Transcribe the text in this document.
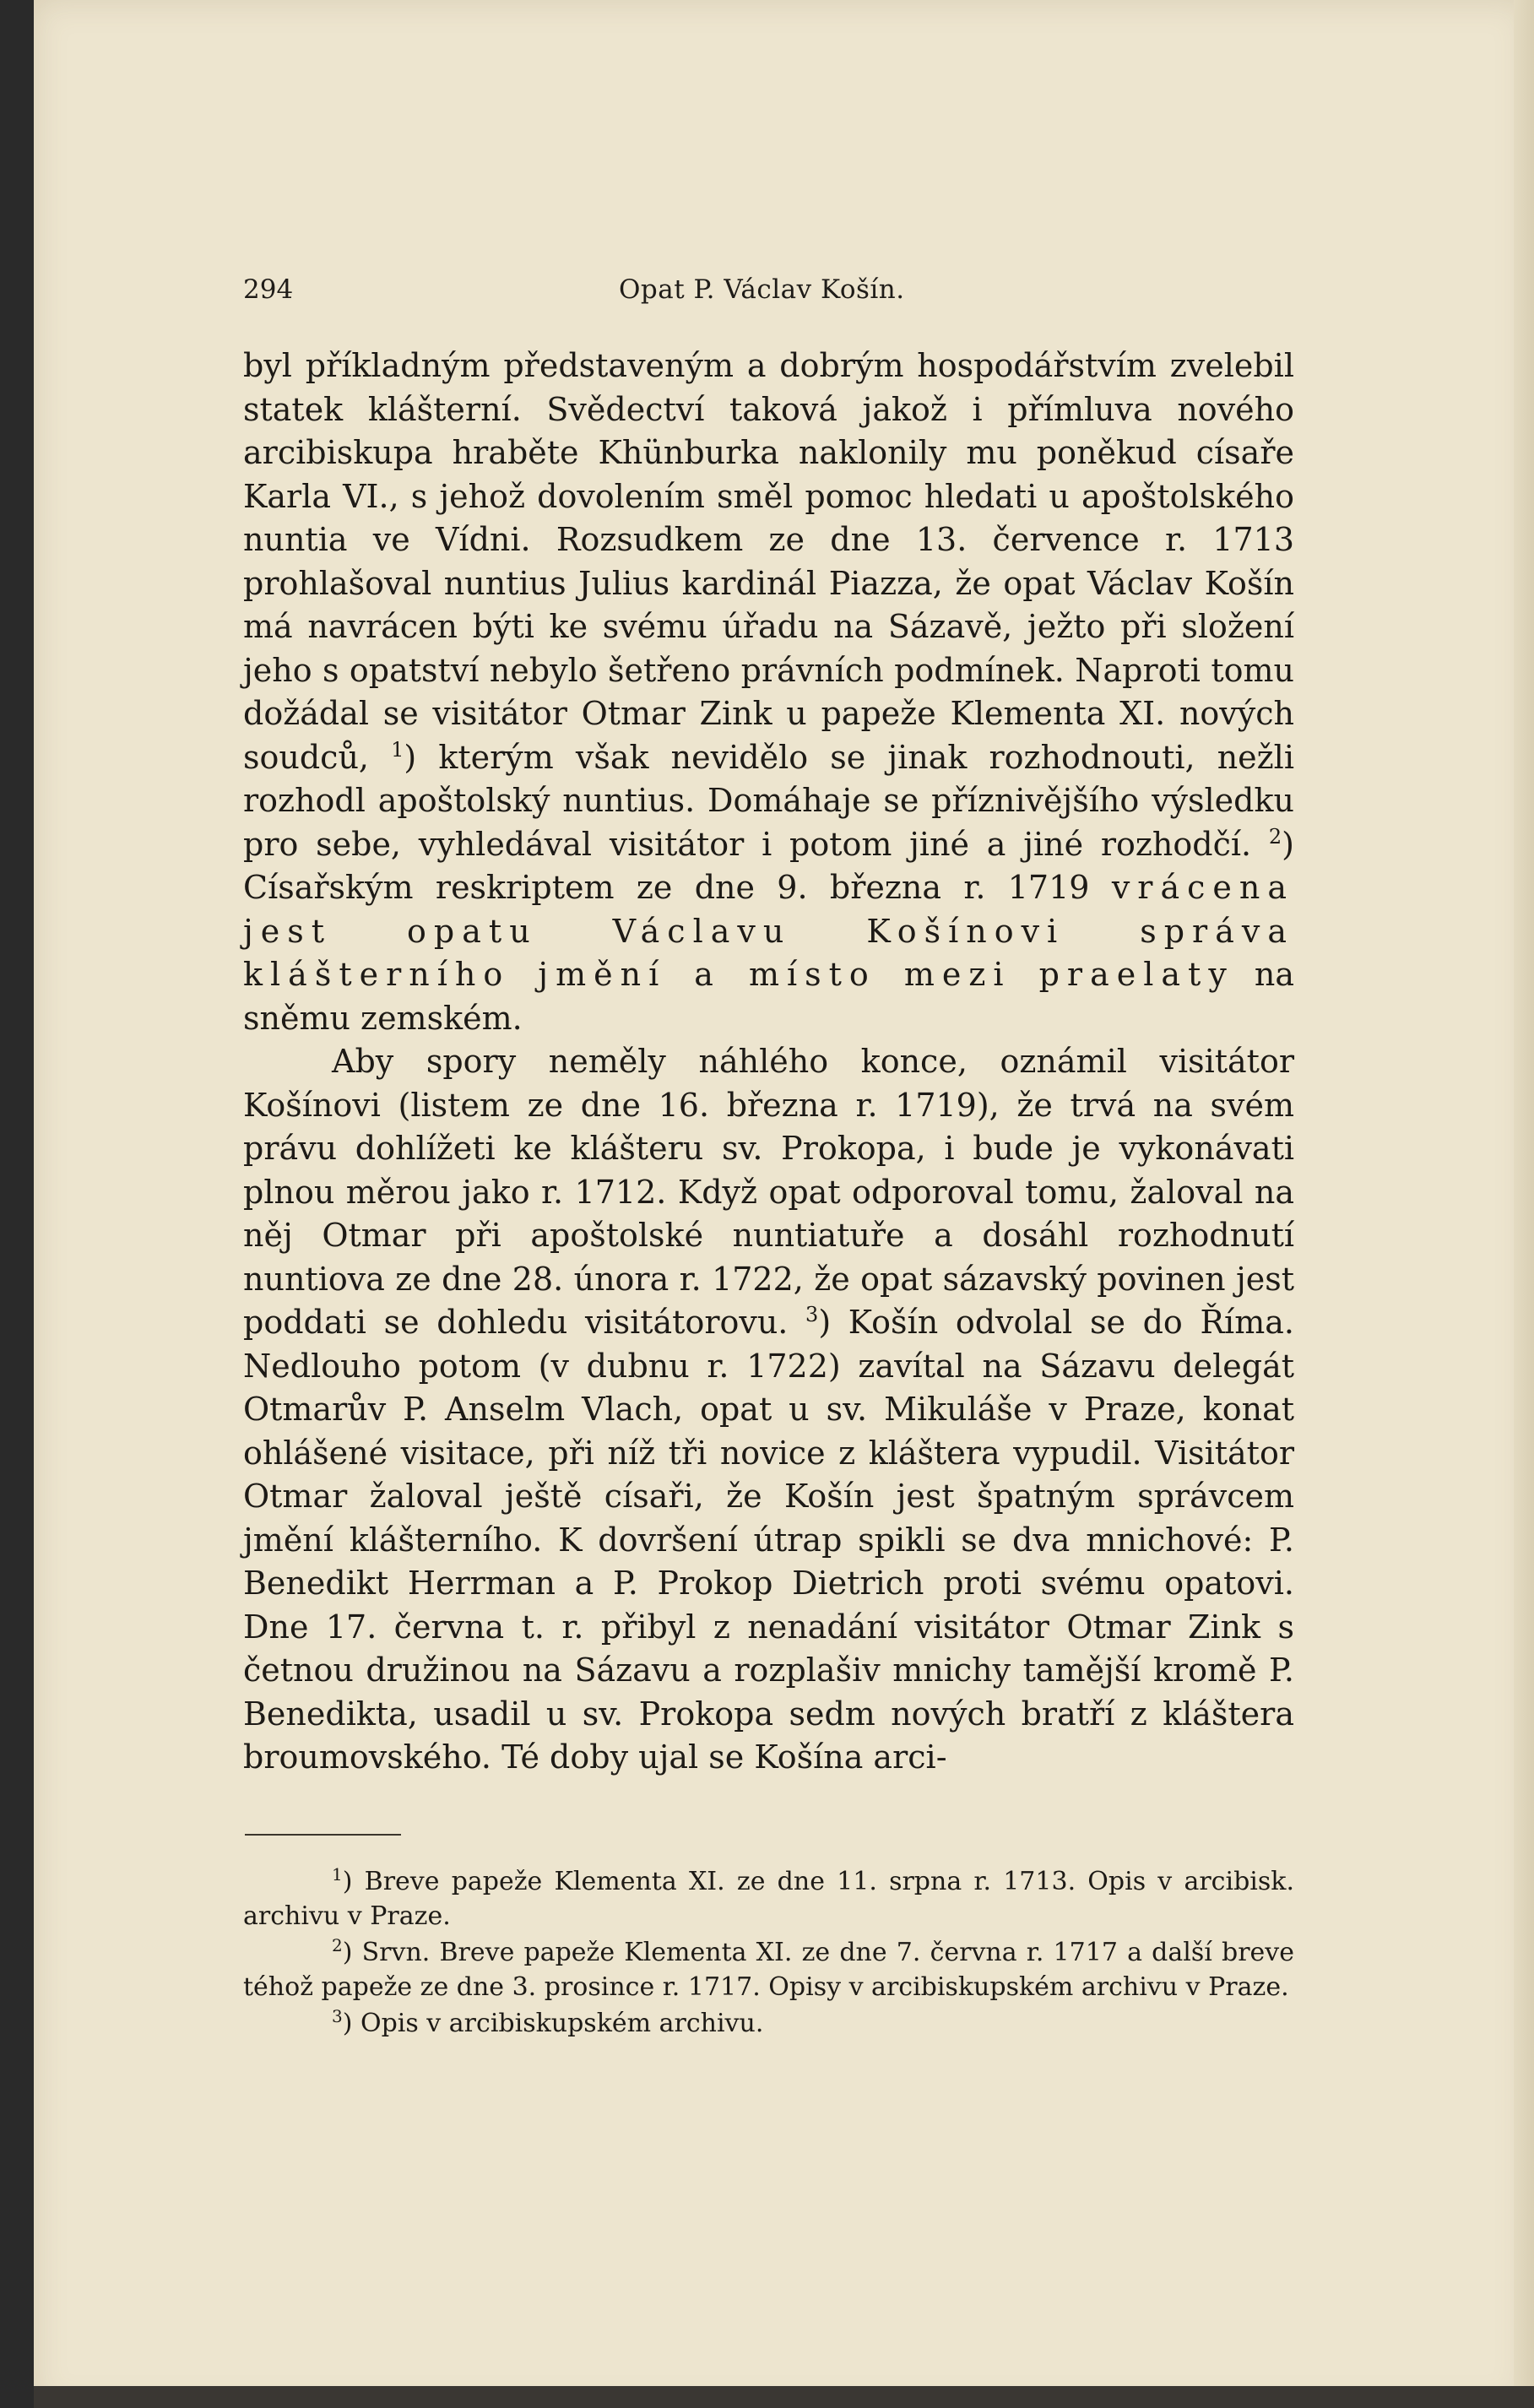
294	Opat P. Václav Košín.

byl příkladným představeným a dobrým hospodářstvím zvelebil statek klášterní. Svědectví taková jakož i přímluva nového arcibiskupa hraběte Khünburka naklonily mu poněkud císaře Karla VI., s jehož dovolením směl pomoc hledati u apoštolského nuntia ve Vídni. Rozsudkem ze dne 13. července r. 1713 prohlašoval nuntius Julius kardinál Piazza, že opat Václav Košín má navrácen býti ke svému úřadu na Sázavě, ježto při složení jeho s opatství nebylo šetřeno právních podmínek. Naproti tomu dožádal se visitátor Otmar Zink u papeže Klementa XI. nových soudců, $^1$) kterým však nevidělo se jinak rozhodnouti, nežli rozhodl apoštolský nuntius. Domáhaje se příznivějšího výsledku pro sebe, vyhledával visitátor i potom jiné a jiné rozhodčí. $^2$) Císařským reskriptem ze dne 9. března r. 1719 vrácena jest opatu Václavu Košínovi správa klášterního jmění a místo mezi praelaty na sněmu zemském.

Aby spory neměly náhlého konce, oznámil visitátor Košínovi (listem ze dne 16. března r. 1719), že trvá na svém právu dohlížeti ke klášteru sv. Prokopa, i bude je vykonávati plnou měrou jako r. 1712. Když opat odporoval tomu, žaloval na něj Otmar při apoštolské nuntiatuře a dosáhl rozhodnutí nuntiova ze dne 28. února r. 1722, že opat sázavský povinen jest poddati se dohledu visitátorovu. $^3$) Košín odvolal se do Říma. Nedlouho potom (v dubnu r. 1722) zavítal na Sázavu delegát Otmarův P. Anselm Vlach, opat u sv. Mikuláše v Praze, konat ohlášené visitace, při níž tři novice z kláštera vypudil. Visitátor Otmar žaloval ještě císaři, že Košín jest špatným správcem jmění klášterního. K dovršení útrap spikli se dva mnichové: P. Benedikt Herrman a P. Prokop Dietrich proti svému opatovi. Dne 17. června t. r. přibyl z nenadání visitátor Otmar Zink s četnou družinou na Sázavu a rozplašiv mnichy tamější kromě P. Benedikta, usadil u sv. Prokopa sedm nových bratří z kláštera broumovského. Té doby ujal se Košína arci-

$^1$) Breve papeže Klementa XI. ze dne 11. srpna r. 1713. Opis v arcibisk. archivu v Praze.

$^2$) Srvn. Breve papeže Klementa XI. ze dne 7. června r. 1717 a další breve téhož papeže ze dne 3. prosince r. 1717. Opisy v arcibiskupském archivu v Praze.

$^3$) Opis v arcibiskupském archivu.
